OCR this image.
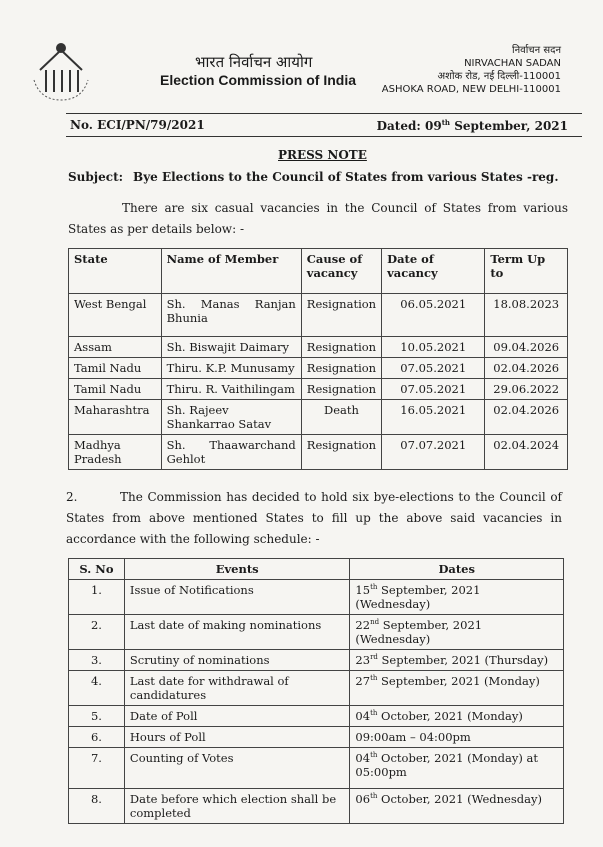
भारत निर्वाचन आयोग
Election Commission of India
निर्वाचन सदन
NIRVACHAN SADAN
अशोक रोड, नई दिल्ली-110001
ASHOKA ROAD, NEW DELHI-110001
No. ECI/PN/79/2021	Dated: 09th September, 2021
PRESS NOTE
Subject: Bye Elections to the Council of States from various States -reg.
There are six casual vacancies in the Council of States from various States as per details below: -
State	Name of Member	Cause of vacancy	Date of vacancy	Term Up to
West Bengal	Sh. Manas Ranjan Bhunia	Resignation	06.05.2021	18.08.2023
Assam	Sh. Biswajit Daimary	Resignation	10.05.2021	09.04.2026
Tamil Nadu	Thiru. K.P. Munusamy	Resignation	07.05.2021	02.04.2026
Tamil Nadu	Thiru. R. Vaithilingam	Resignation	07.05.2021	29.06.2022
Maharashtra	Sh. Rajeev Shankarrao Satav	Death	16.05.2021	02.04.2026
Madhya Pradesh	Sh. Thaawarchand Gehlot	Resignation	07.07.2021	02.04.2024
2.	The Commission has decided to hold six bye-elections to the Council of States from above mentioned States to fill up the above said vacancies in accordance with the following schedule: -
S. No	Events	Dates
1.	Issue of Notifications	15th September, 2021 (Wednesday)
2.	Last date of making nominations	22nd September, 2021 (Wednesday)
3.	Scrutiny of nominations	23rd September, 2021 (Thursday)
4.	Last date for withdrawal of candidatures	27th September, 2021 (Monday)
5.	Date of Poll	04th October, 2021 (Monday)
6.	Hours of Poll	09:00am – 04:00pm
7.	Counting of Votes	04th October, 2021 (Monday) at 05:00pm
8.	Date before which election shall be completed	06th October, 2021 (Wednesday)
